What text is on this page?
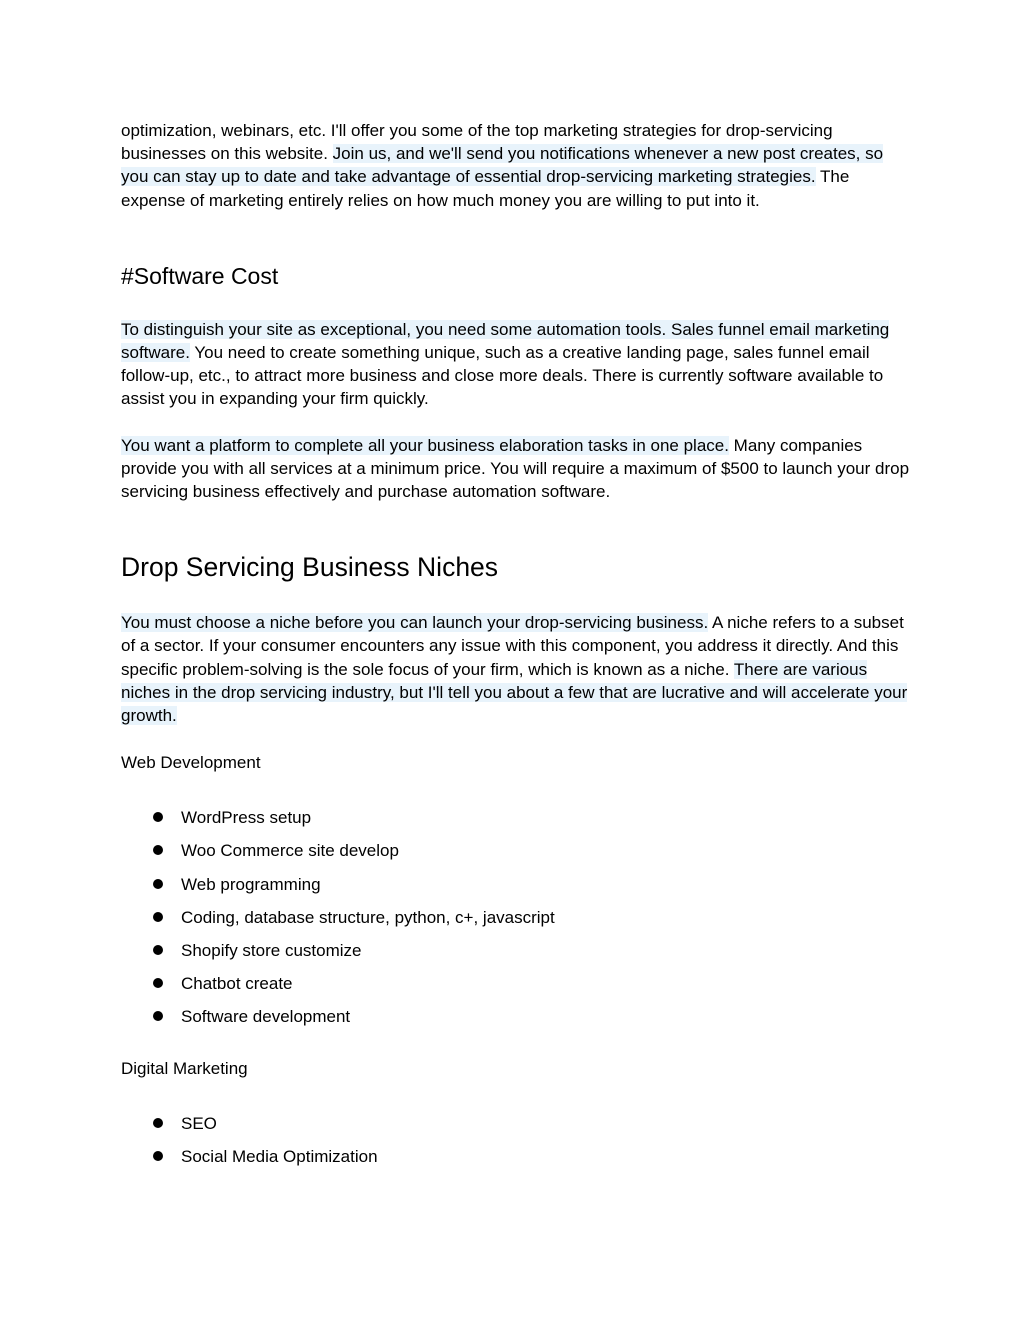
optimization, webinars, etc. I'll offer you some of the top marketing strategies for drop-servicing businesses on this website. Join us, and we'll send you notifications whenever a new post creates, so you can stay up to date and take advantage of essential drop-servicing marketing strategies. The expense of marketing entirely relies on how much money you are willing to put into it.

#Software Cost

To distinguish your site as exceptional, you need some automation tools. Sales funnel email marketing software. You need to create something unique, such as a creative landing page, sales funnel email follow-up, etc., to attract more business and close more deals. There is currently software available to assist you in expanding your firm quickly.

You want a platform to complete all your business elaboration tasks in one place. Many companies provide you with all services at a minimum price. You will require a maximum of $500 to launch your drop servicing business effectively and purchase automation software.

Drop Servicing Business Niches

You must choose a niche before you can launch your drop-servicing business. A niche refers to a subset of a sector. If your consumer encounters any issue with this component, you address it directly. And this specific problem-solving is the sole focus of your firm, which is known as a niche. There are various niches in the drop servicing industry, but I'll tell you about a few that are lucrative and will accelerate your growth.

Web Development

WordPress setup
Woo Commerce site develop
Web programming
Coding, database structure, python, c+, javascript
Shopify store customize
Chatbot create
Software development

Digital Marketing

SEO
Social Media Optimization
